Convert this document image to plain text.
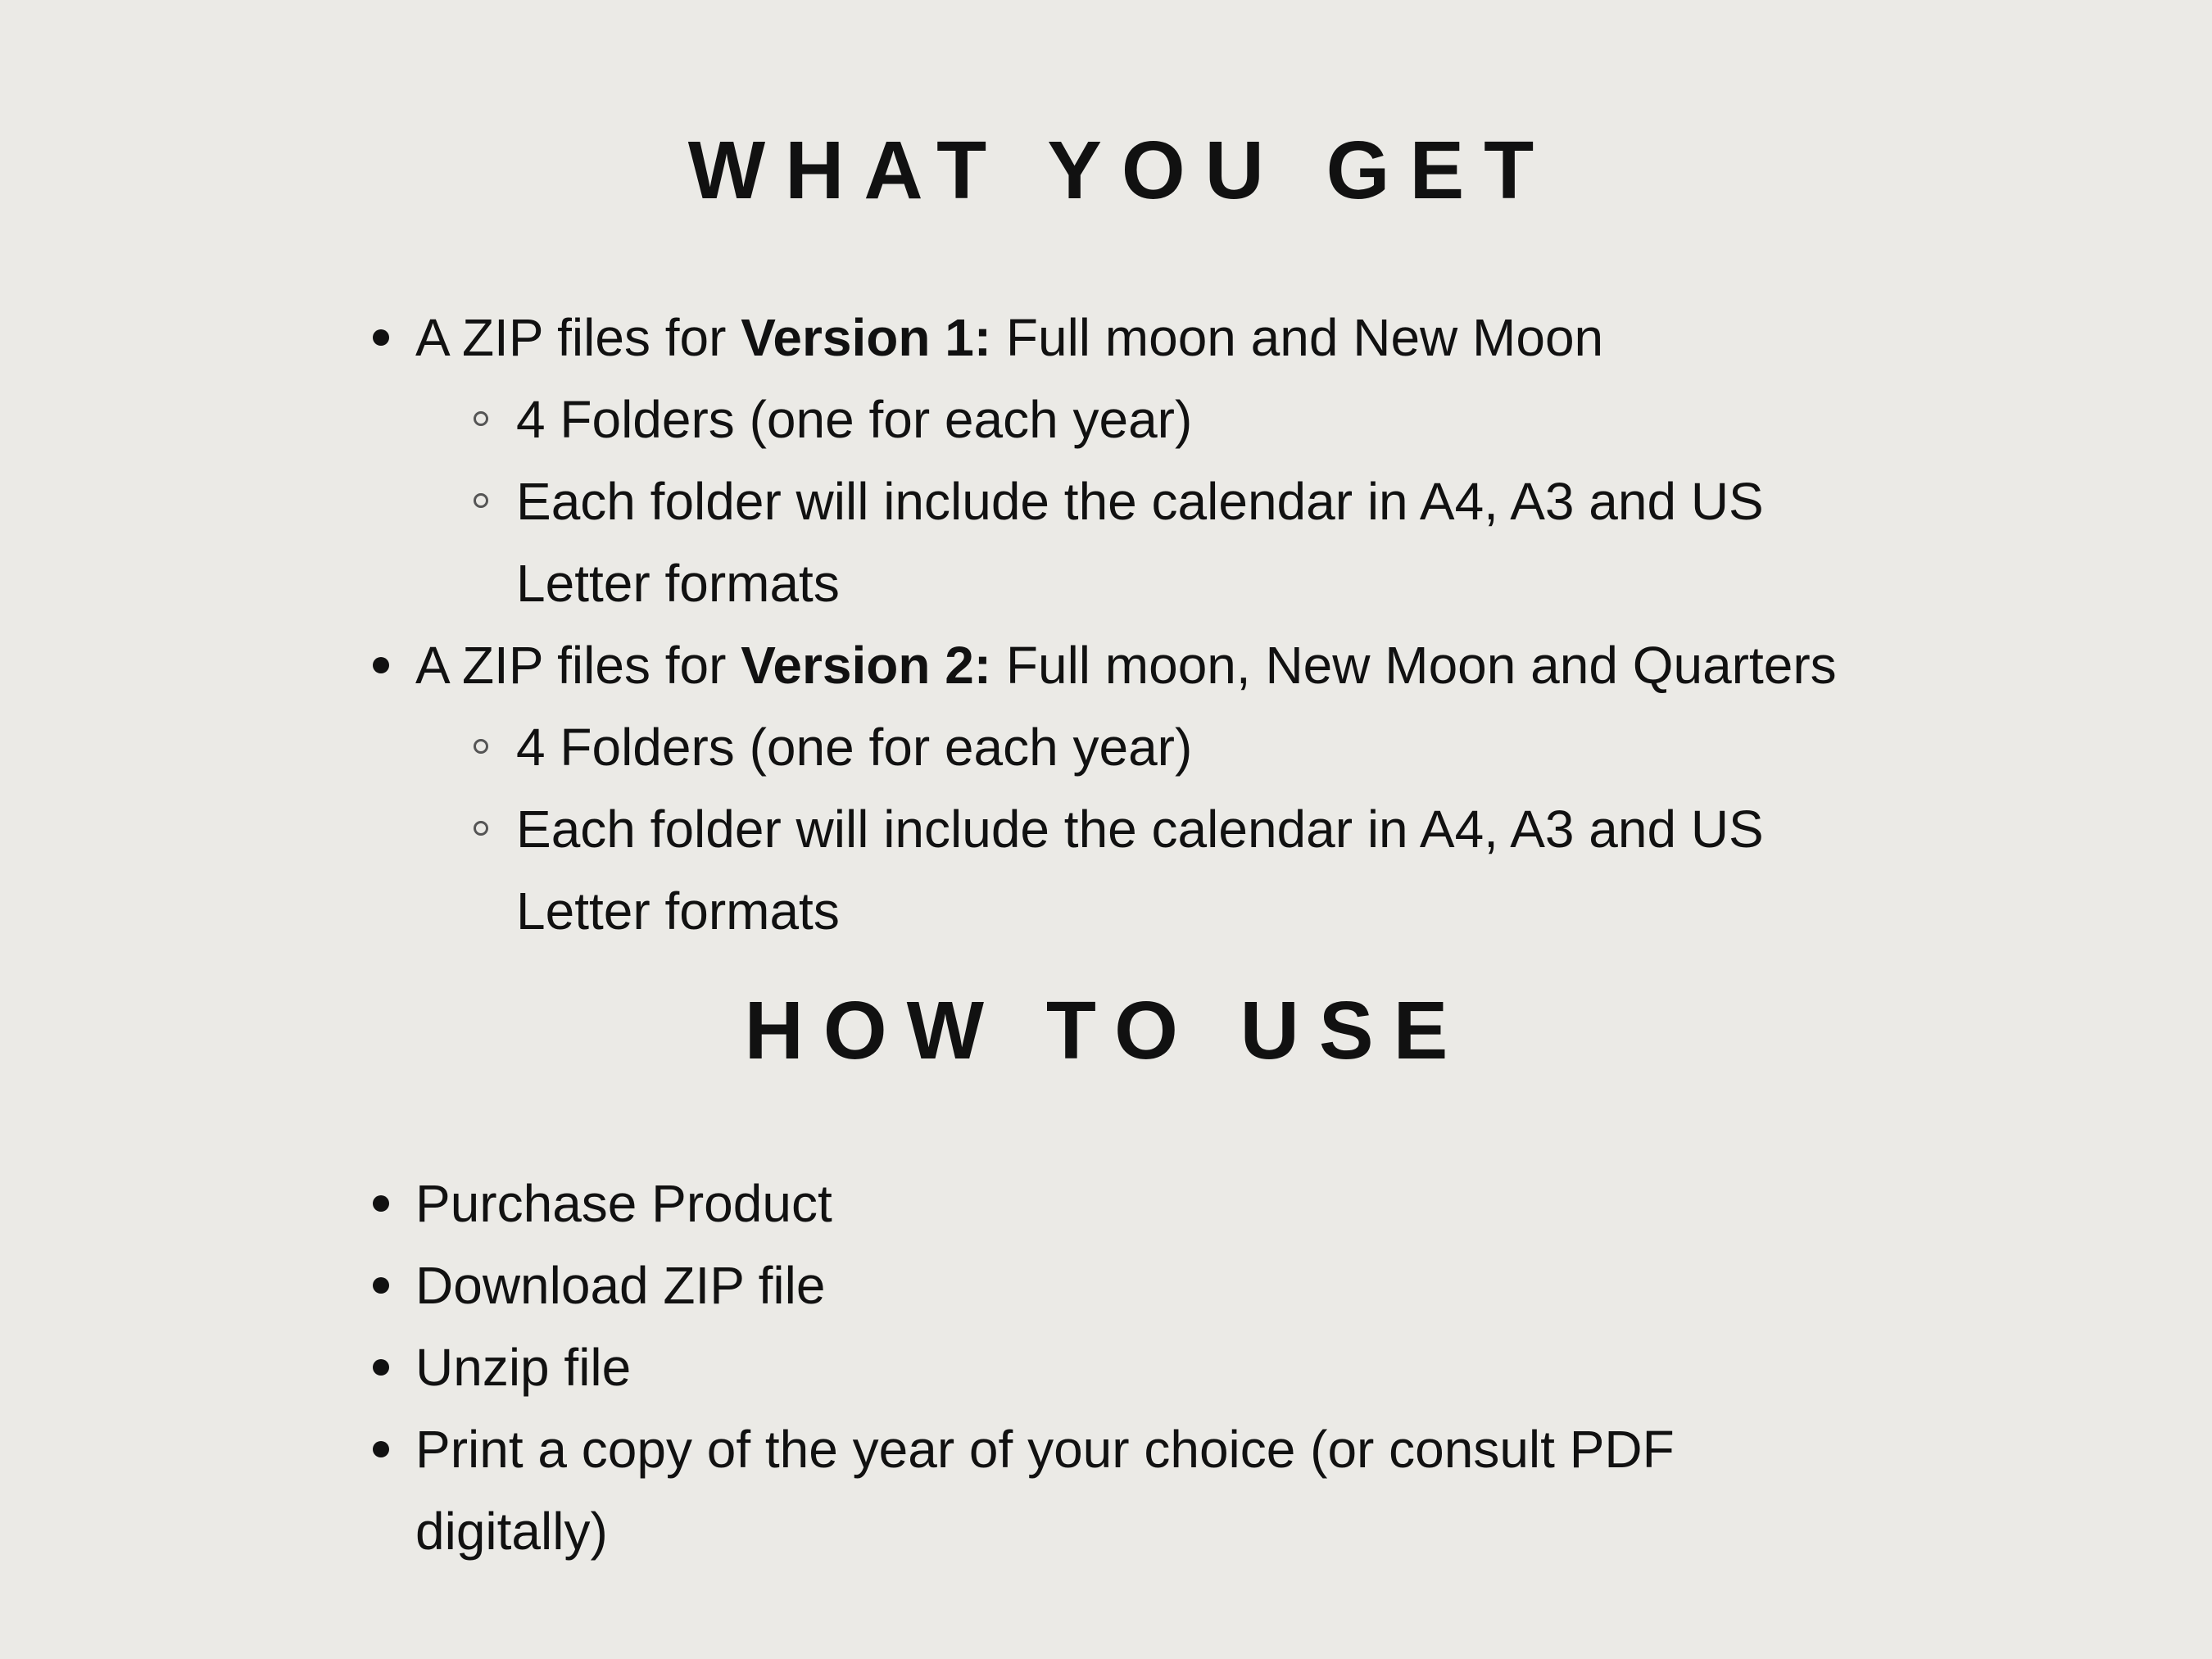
WHAT YOU GET
A ZIP files for Version 1: Full moon and New Moon
4 Folders (one for each year)
Each folder will include the calendar in A4, A3 and US
Letter formats
A ZIP files for Version 2: Full moon, New Moon and Quarters
4 Folders (one for each year)
Each folder will include the calendar in A4, A3 and US
Letter formats
HOW TO USE
Purchase Product
Download ZIP file
Unzip file
Print a copy of the year of your choice (or consult PDF
digitally)
